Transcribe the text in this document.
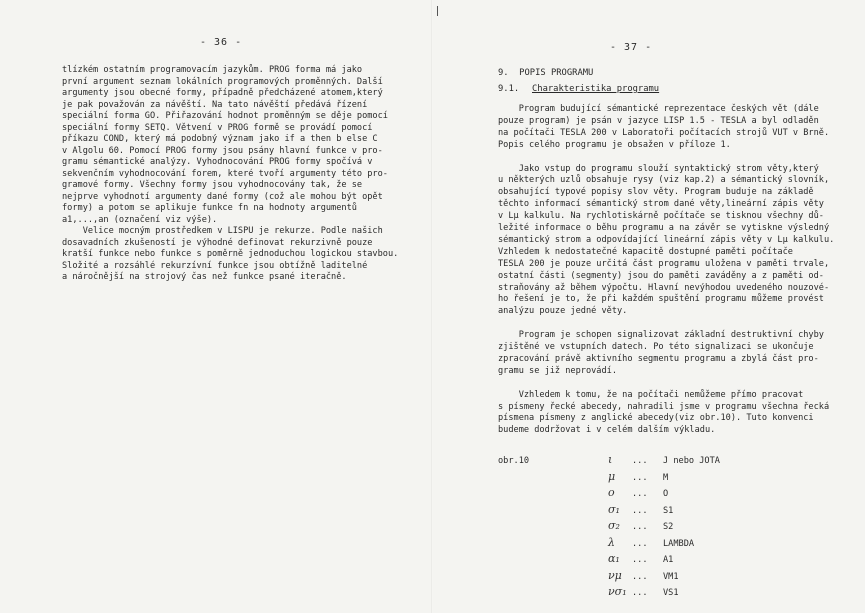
- 36 -
tlízkém ostatním programovacím jazykům. PROG forma má jako
první argument seznam lokálních programových proměnných. Další
argumenty jsou obecné formy, případně předcházené atomem,který
je pak považován za návěští. Na tato návěští předává řízení
speciální forma GO. Přiřazování hodnot proměnným se děje pomocí
speciální formy SETQ. Větvení v PROG formě se provádí pomocí
příkazu COND, který má podobný význam jako if a then b else C
v Algolu 60. Pomocí PROG formy jsou psány hlavní funkce v pro-
gramu sémantické analýzy. Vyhodnocování PROG formy spočívá v
sekvenčním vyhodnocování forem, které tvoří argumenty této pro-
gramové formy. Všechny formy jsou vyhodnocovány tak, že se
nejprve vyhodnotí argumenty dané formy (což ale mohou být opět
formy) a potom se aplikuje funkce fn na hodnoty argumentů
a1,...,an (označení viz výše).
Velice mocným prostředkem v LISPU je rekurze. Podle našich
dosavadních zkušeností je výhodné definovat rekurzivně pouze
kratší funkce nebo funkce s poměrně jednoduchou logickou stavbou.
Složité a rozsáhlé rekurzívní funkce jsou obtížně laditelné
a náročnější na strojový čas než funkce psané iteračně.
- 37 -
9.  POPIS PROGRAMU
9.1. Charakteristika programu
Program budující sémantické reprezentace českých vět (dále
pouze program) je psán v jazyce LISP 1.5 - TESLA a byl odladěn
na počítači TESLA 200 v Laboratoři počítacích strojů VUT v Brně.
Popis celého programu je obsažen v příloze 1.
Jako vstup do programu slouží syntaktický strom věty,který
u některých uzlů obsahuje rysy (viz kap.2) a sémantický slovník,
obsahující typové popisy slov věty. Program buduje na základě
těchto informací sémantický strom dané věty,lineární zápis věty
v Lμ kalkulu. Na rychlotiskárně počítače se tisknou všechny dů-
ležité informace o běhu programu a na závěr se vytiskne výsledný
sémantický strom a odpovídající lineární zápis věty v Lμ kalkulu.
Vzhledem k nedostatečné kapacitě dostupné paměti počítače
TESLA 200 je pouze určitá část programu uložena v paměti trvale,
ostatní části (segmenty) jsou do paměti zaváděny a z paměti od-
straňovány až během výpočtu. Hlavní nevýhodou uvedeného nouzové-
ho řešení je to, že při každém spuštění programu můžeme provést
analýzu pouze jedné věty.
Program je schopen signalizovat základní destruktivní chyby
zjištěné ve vstupních datech. Po této signalizaci se ukončuje
zpracování právě aktivního segmentu programu a zbylá část pro-
gramu se již neprovádí.
Vzhledem k tomu, že na počítači nemůžeme přímo pracovat
s písmeny řecké abecedy, nahradili jsme v programu všechna řecká
písmena písmeny z anglické abecedy(viz obr.10). Tuto konvenci
budeme dodržovat i v celém dalším výkladu.
obr.10	ι ... J nebo JOTA
μ ... M
o ... O
σ₁ ... S1
σ₂ ... S2
λ ... LAMBDA
α₁ ... A1
νμ ... VM1
νσ₁ ... VS1
